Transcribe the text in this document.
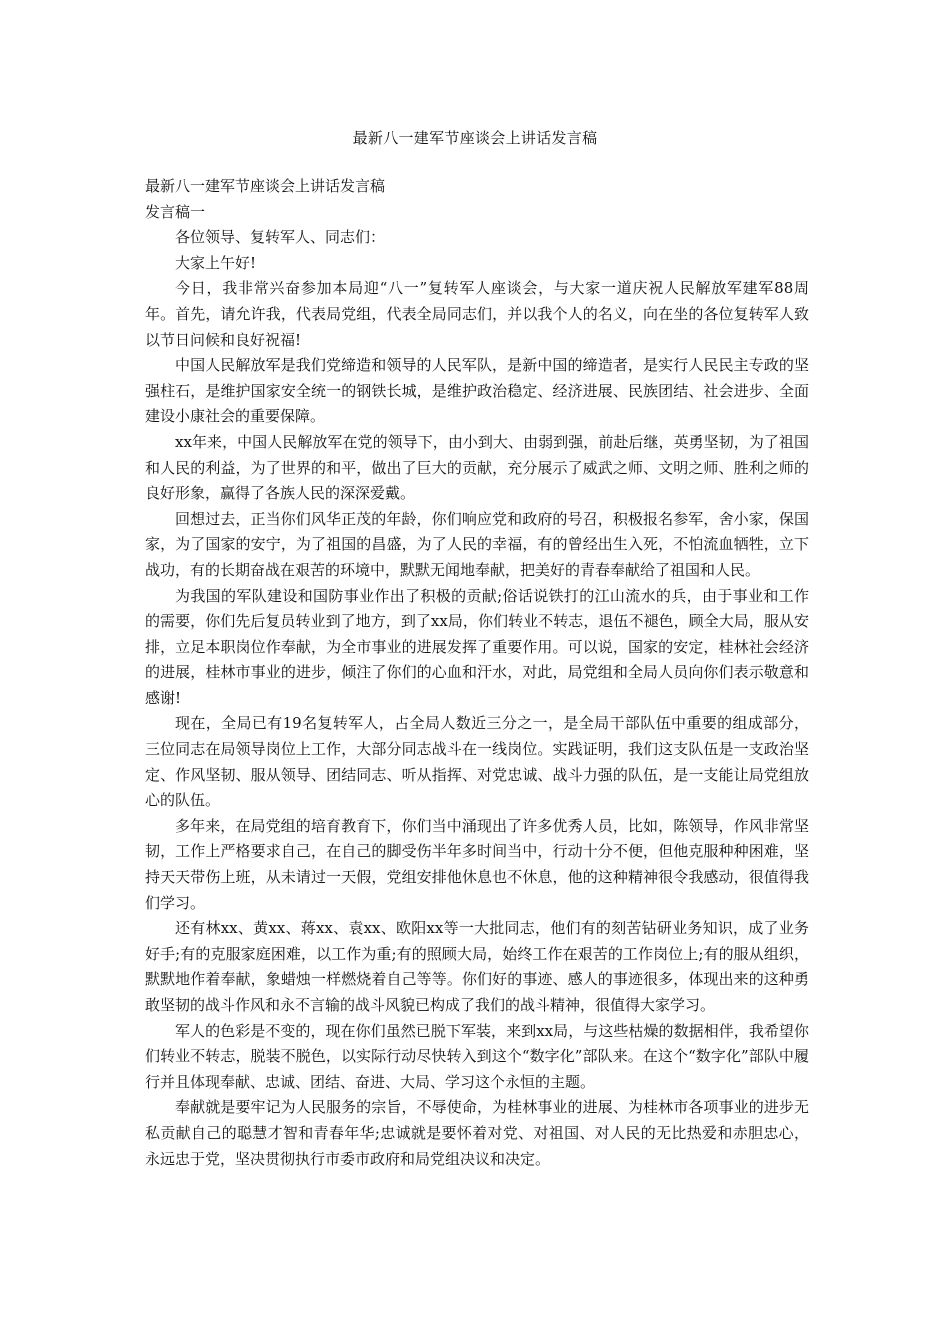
最新八一建军节座谈会上讲话发言稿

最新八一建军节座谈会上讲话发言稿

发言稿一

各位领导、复转军人、同志们：

大家上午好!

今日，我非常兴奋参加本局迎“八一”复转军人座谈会，与大家一道庆祝人民解放军建军88周年。首先，请允许我，代表局党组，代表全局同志们，并以我个人的名义，向在坐的各位复转军人致以节日问候和良好祝福!

中国人民解放军是我们党缔造和领导的人民军队，是新中国的缔造者，是实行人民民主专政的坚强柱石，是维护国家安全统一的钢铁长城，是维护政治稳定、经济进展、民族团结、社会进步、全面建设小康社会的重要保障。

xx年来，中国人民解放军在党的领导下，由小到大、由弱到强，前赴后继，英勇坚韧，为了祖国和人民的利益，为了世界的和平，做出了巨大的贡献，充分展示了威武之师、文明之师、胜利之师的良好形象，赢得了各族人民的深深爱戴。

回想过去，正当你们风华正茂的年龄，你们响应党和政府的号召，积极报名参军，舍小家，保国家，为了国家的安宁，为了祖国的昌盛，为了人民的幸福，有的曾经出生入死，不怕流血牺牲，立下战功，有的长期奋战在艰苦的环境中，默默无闻地奉献，把美好的青春奉献给了祖国和人民。

为我国的军队建设和国防事业作出了积极的贡献;俗话说铁打的江山流水的兵，由于事业和工作的需要，你们先后复员转业到了地方，到了xx局，你们转业不转志，退伍不褪色，顾全大局，服从安排，立足本职岗位作奉献，为全市事业的进展发挥了重要作用。可以说，国家的安定，桂林社会经济的进展，桂林市事业的进步，倾注了你们的心血和汗水，对此，局党组和全局人员向你们表示敬意和感谢!

现在，全局已有19名复转军人，占全局人数近三分之一，是全局干部队伍中重要的组成部分，三位同志在局领导岗位上工作，大部分同志战斗在一线岗位。实践证明，我们这支队伍是一支政治坚定、作风坚韧、服从领导、团结同志、听从指挥、对党忠诚、战斗力强的队伍，是一支能让局党组放心的队伍。

多年来，在局党组的培育教育下，你们当中涌现出了许多优秀人员，比如，陈领导，作风非常坚韧，工作上严格要求自己，在自己的脚受伤半年多时间当中，行动十分不便，但他克服种种困难，坚持天天带伤上班，从未请过一天假，党组安排他休息也不休息，他的这种精神很令我感动，很值得我们学习。

还有林xx、黄xx、蒋xx、袁xx、欧阳xx等一大批同志，他们有的刻苦钻研业务知识，成了业务好手;有的克服家庭困难，以工作为重;有的照顾大局，始终工作在艰苦的工作岗位上;有的服从组织，默默地作着奉献，象蜡烛一样燃烧着自己等等。你们好的事迹、感人的事迹很多，体现出来的这种勇敢坚韧的战斗作风和永不言输的战斗风貌已构成了我们的战斗精神，很值得大家学习。

军人的色彩是不变的，现在你们虽然已脱下军装，来到xx局，与这些枯燥的数据相伴，我希望你们转业不转志，脱装不脱色，以实际行动尽快转入到这个“数字化”部队来。在这个“数字化”部队中履行并且体现奉献、忠诚、团结、奋进、大局、学习这个永恒的主题。

奉献就是要牢记为人民服务的宗旨，不辱使命，为桂林事业的进展、为桂林市各项事业的进步无私贡献自己的聪慧才智和青春年华;忠诚就是要怀着对党、对祖国、对人民的无比热爱和赤胆忠心，永远忠于党，坚决贯彻执行市委市政府和局党组决议和决定。
